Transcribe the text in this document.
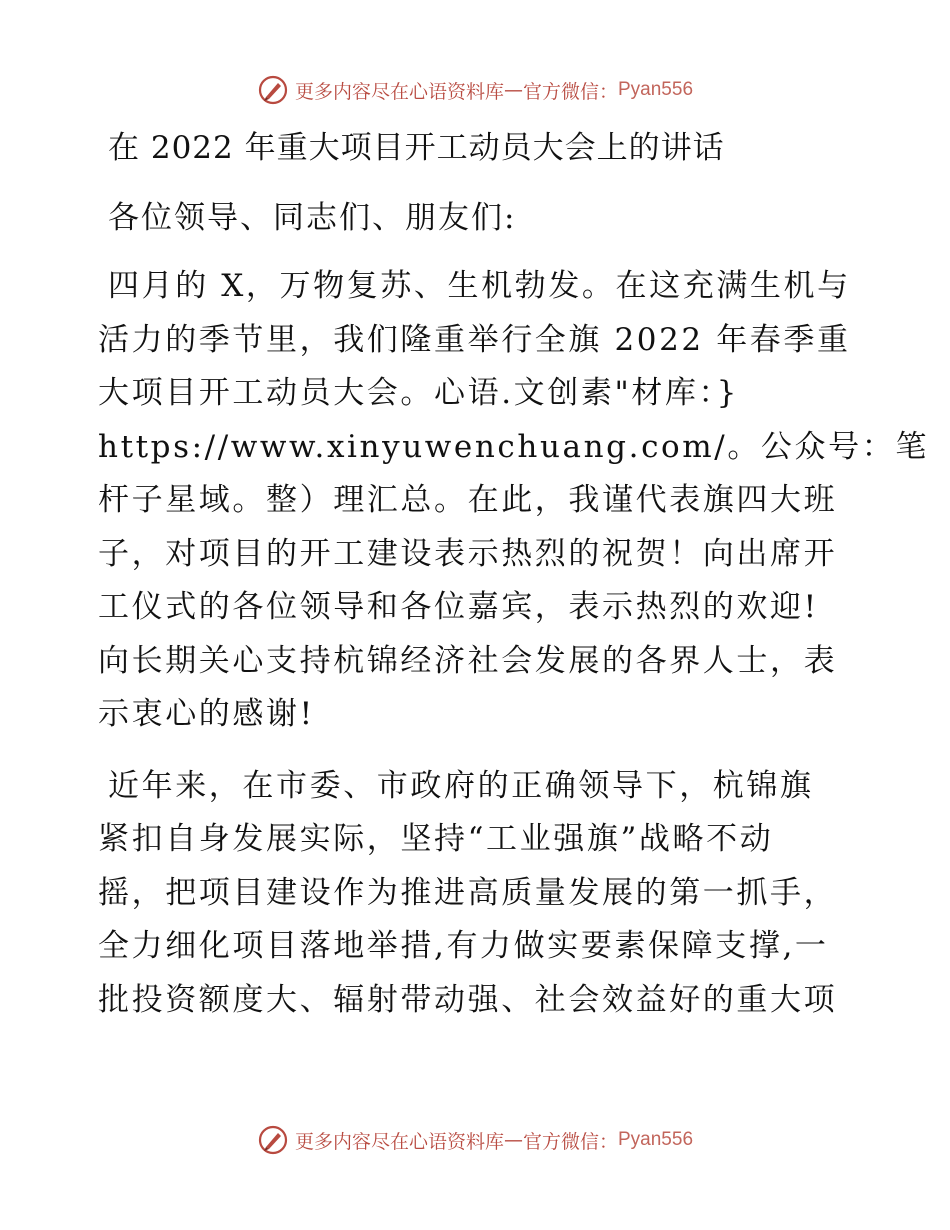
更多内容尽在心语资料库 — 官方微信： Pyan556
在 2022 年重大项目开工动员大会上的讲话
各位领导、同志们、朋友们:
四月的 X，万物复苏、生机勃发。在这充满生机与
活力的季节里，我们隆重举行全旗 2022 年春季重
大项目开工动员大会。心语.文创素"材库：}
https://www.xinyuwenchuang.com/。公众号：笔
杆子星域。整）理汇总。在此，我谨代表旗四大班
子，对项目的开工建设表示热烈的祝贺！向出席开
工仪式的各位领导和各位嘉宾，表示热烈的欢迎!
向长期关心支持杭锦经济社会发展的各界人士，表
示衷心的感谢!
近年来，在市委、市政府的正确领导下，杭锦旗
紧扣自身发展实际，坚持“工业强旗”战略不动
摇，把项目建设作为推进高质量发展的第一抓手，
全力细化项目落地举措,有力做实要素保障支撑,一
批投资额度大、辐射带动强、社会效益好的重大项
更多内容尽在心语资料库 — 官方微信： Pyan556
